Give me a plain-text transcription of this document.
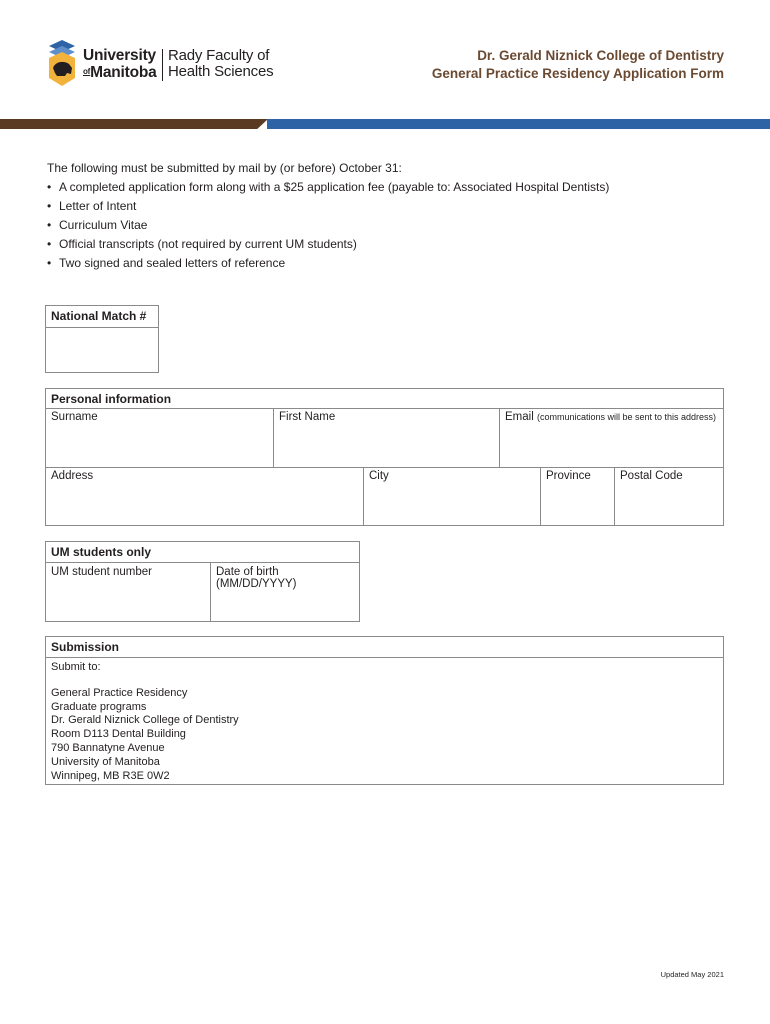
University
ofManitoba
Rady Faculty of
Health Sciences
Dr. Gerald Niznick College of Dentistry
General Practice Residency Application Form
The following must be submitted by mail by (or before) October 31:
• A completed application form along with a $25 application fee (payable to: Associated Hospital Dentists)
• Letter of Intent
• Curriculum Vitae
• Official transcripts (not required by current UM students)
• Two signed and sealed letters of reference
National Match #
Personal information
Surname	First Name	Email (communications will be sent to this address)
Address	City	Province	Postal Code
UM students only
UM student number	Date of birth (MM/DD/YYYY)
Submission
Submit to:
General Practice Residency
Graduate programs
Dr. Gerald Niznick College of Dentistry
Room D113 Dental Building
790 Bannatyne Avenue
University of Manitoba
Winnipeg, MB R3E 0W2
Updated May 2021
